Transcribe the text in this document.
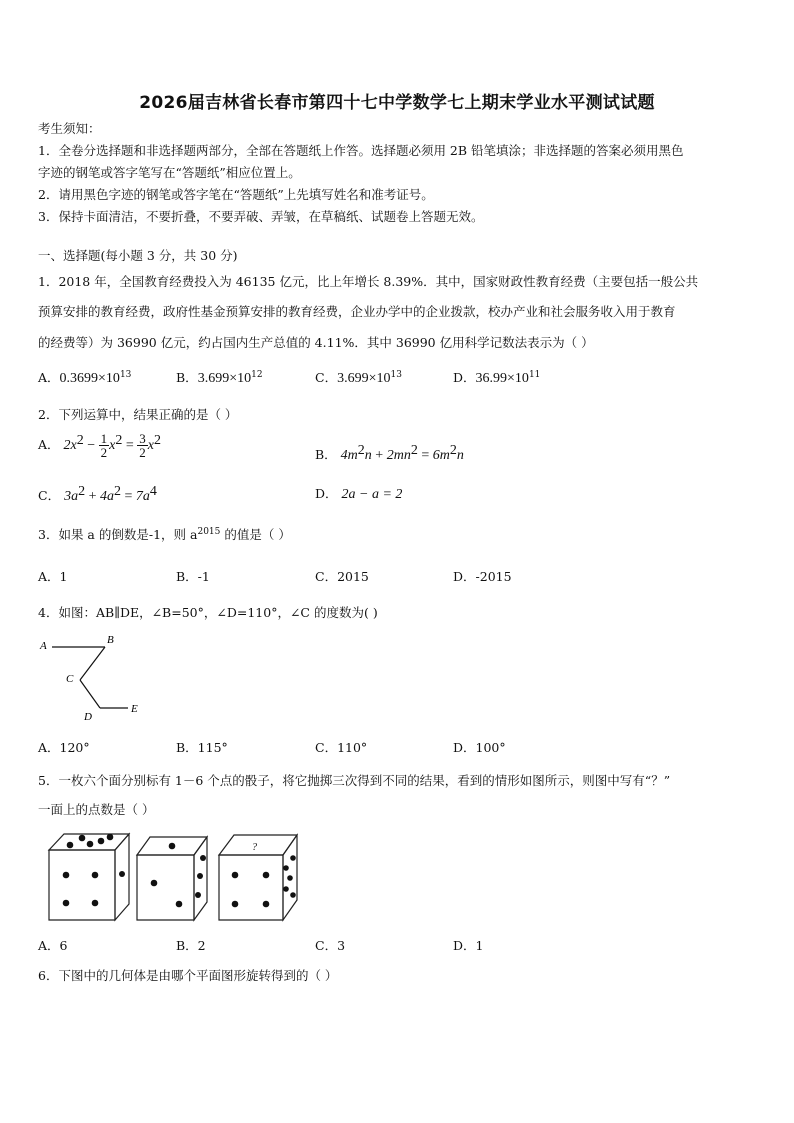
2026届吉林省长春市第四十七中学数学七上期末学业水平测试试题
考生须知：
1．全卷分选择题和非选择题两部分，全部在答题纸上作答。选择题必须用 2B 铅笔填涂；非选择题的答案必须用黑色
字迹的钢笔或答字笔写在“答题纸”相应位置上。
2．请用黑色字迹的钢笔或答字笔在“答题纸”上先填写姓名和准考证号。
3．保持卡面清洁，不要折叠，不要弄破、弄皱，在草稿纸、试题卷上答题无效。
一、选择题(每小题 3 分，共 30 分)
1．2018 年，全国教育经费投入为 46135 亿元，比上年增长 8.39%．其中，国家财政性教育经费（主要包括一般公共
预算安排的教育经费，政府性基金预算安排的教育经费，企业办学中的企业拨款，校办产业和社会服务收入用于教育
的经费等）为 36990 亿元，约占国内生产总值的 4.11%．其中 36990 亿用科学记数法表示为（ ）
A．$0.3699\times 10^{13}$	B．$3.699\times 10^{12}$	C．$3.699\times 10^{13}$	D．$36.99\times 10^{11}$
2．下列运算中，结果正确的是（ ）
A． $2x^2 - \frac{1}{2} x^2 = \frac{3}{2} x^2$
B． $4m^2n + 2mn^2 = 6m^2n$
C． $3a^2 + 4a^2 = 7a^4$	D． 2a − a = 2
3．如果 a 的倒数是-1，则 $a^{2015}$ 的值是（ ）
A．1	B．-1	C．2015	D．-2015
4．如图：AB∥DE，∠B=50°，∠D=110°，∠C 的度数为( )
A	B
C
D
E
A．120°	B．115°	C．110°	D．100°
5．一枚六个面分别标有 1－6 个点的骰子，将它抛掷三次得到不同的结果，看到的情形如图所示，则图中写有“？”
一面上的点数是（ ）
?
A．6	B．2	C．3	D．1
6．下图中的几何体是由哪个平面图形旋转得到的（ ）
